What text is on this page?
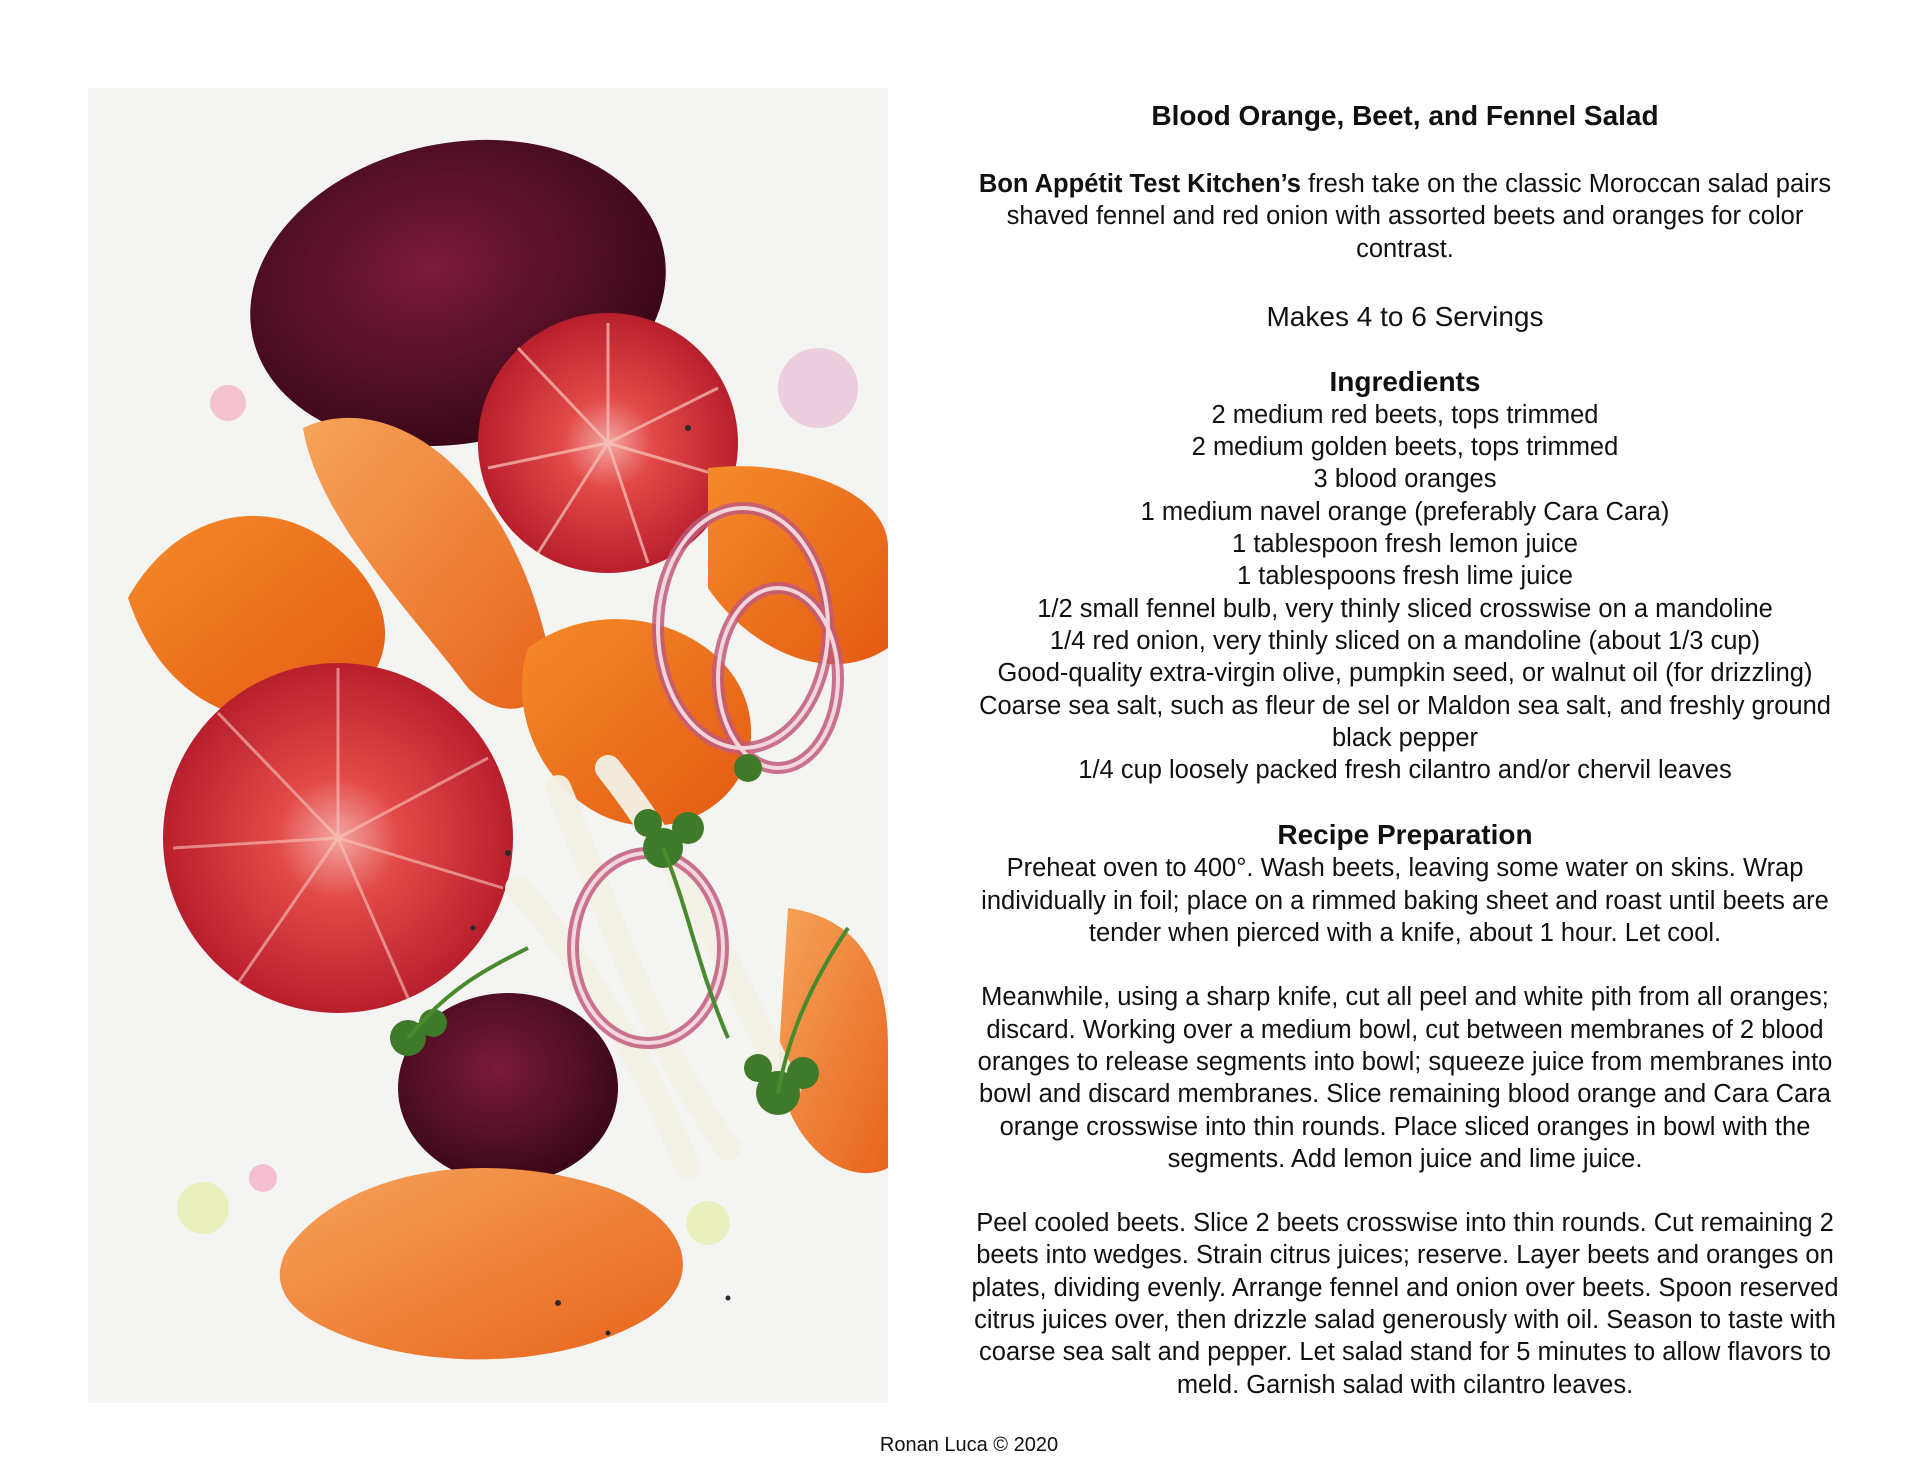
Blood Orange, Beet, and Fennel Salad
Bon Appétit Test Kitchen’s fresh take on the classic Moroccan salad pairs shaved fennel and red onion with assorted beets and oranges for color contrast.
Makes 4 to 6 Servings
Ingredients
2 medium red beets, tops trimmed
2 medium golden beets, tops trimmed
3 blood oranges
1 medium navel orange (preferably Cara Cara)
1 tablespoon fresh lemon juice
1 tablespoons fresh lime juice
1/2 small fennel bulb, very thinly sliced crosswise on a mandoline
1/4 red onion, very thinly sliced on a mandoline (about 1/3 cup)
Good-quality extra-virgin olive, pumpkin seed, or walnut oil (for drizzling)
Coarse sea salt, such as fleur de sel or Maldon sea salt, and freshly ground black pepper
1/4 cup loosely packed fresh cilantro and/or chervil leaves
Recipe Preparation

Preheat oven to 400°. Wash beets, leaving some water on skins. Wrap individually in foil; place on a rimmed baking sheet and roast until beets are tender when pierced with a knife, about 1 hour. Let cool.

Meanwhile, using a sharp knife, cut all peel and white pith from all oranges; discard. Working over a medium bowl, cut between membranes of 2 blood oranges to release segments into bowl; squeeze juice from membranes into bowl and discard membranes. Slice remaining blood orange and Cara Cara orange crosswise into thin rounds. Place sliced oranges in bowl with the segments. Add lemon juice and lime juice.

Peel cooled beets. Slice 2 beets crosswise into thin rounds. Cut remaining 2 beets into wedges. Strain citrus juices; reserve. Layer beets and oranges on plates, dividing evenly. Arrange fennel and onion over beets. Spoon reserved citrus juices over, then drizzle salad generously with oil. Season to taste with coarse sea salt and pepper. Let salad stand for 5 minutes to allow flavors to meld. Garnish salad with cilantro leaves.

Ronan Luca © 2020
